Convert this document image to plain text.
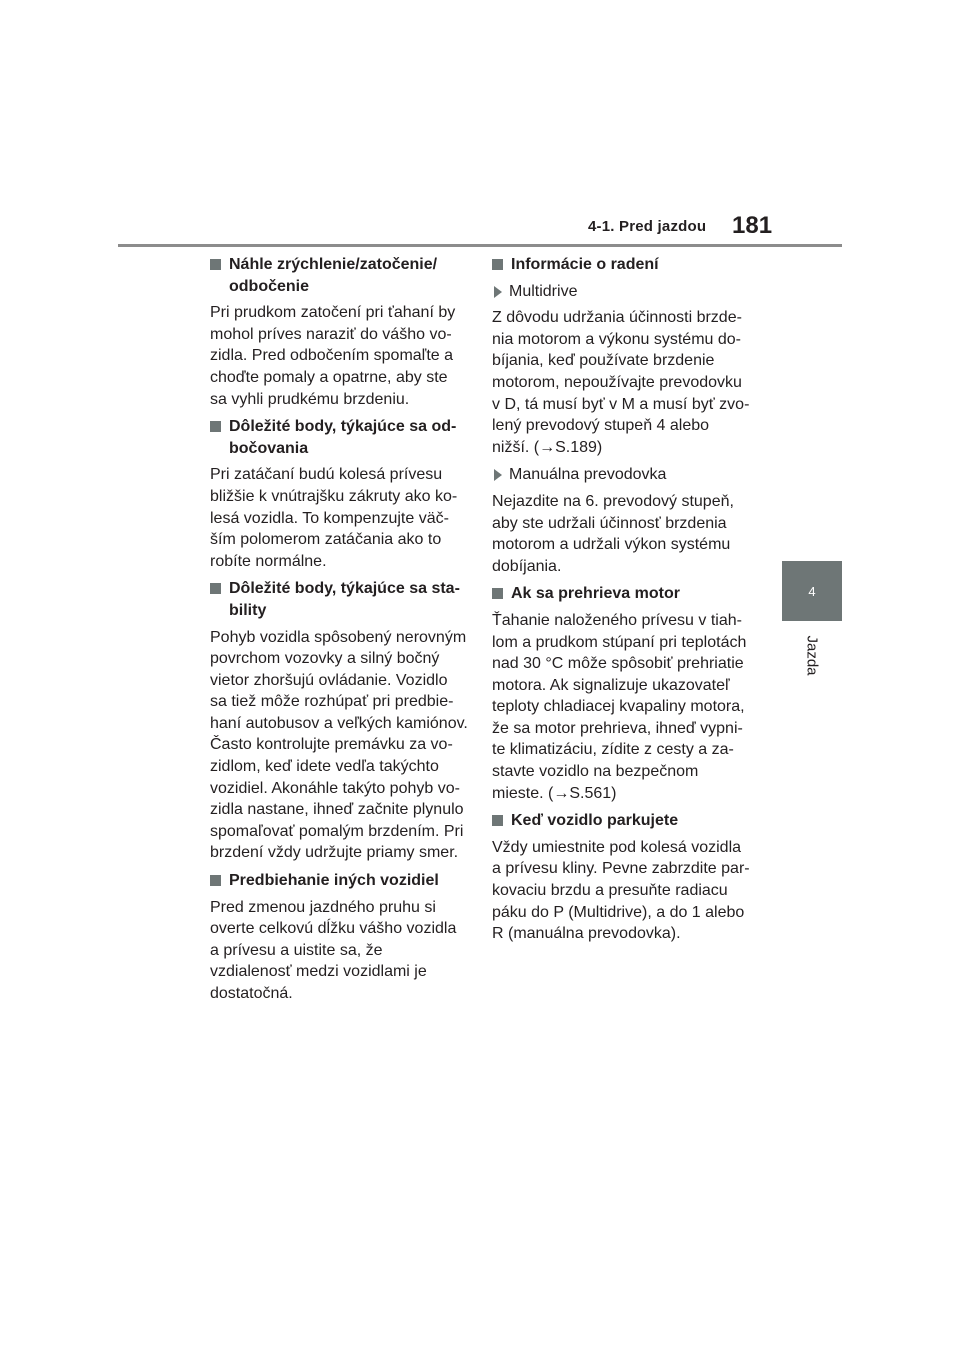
4-1. Pred jazdou 181
4
Jazda
Náhle zrýchlenie/zatočenie/ odbočenie

Pri prudkom zatočení pri ťahaní by mohol príves naraziť do vášho vo- zidla. Pred odbočením spomaľte a choďte pomaly a opatrne, aby ste sa vyhli prudkému brzdeniu.

Dôležité body, týkajúce sa od- bočovania

Pri zatáčaní budú kolesá prívesu bližšie k vnútrajšku zákruty ako ko- lesá vozidla. To kompenzujte väč- ším polomerom zatáčania ako to robíte normálne.

Dôležité body, týkajúce sa sta- bility

Pohyb vozidla spôsobený nerovným povrchom vozovky a silný bočný vietor zhoršujú ovládanie. Vozidlo sa tiež môže rozhúpať pri predbie- haní autobusov a veľkých kamiónov. Často kontrolujte premávku za vo- zidlom, keď idete vedľa takýchto vozidiel. Akonáhle takýto pohyb vo- zidla nastane, ihneď začnite plynulo spomaľovať pomalým brzdením. Pri brzdení vždy udržujte priamy smer.

Predbiehanie iných vozidiel

Pred zmenou jazdného pruhu si overte celkovú dĺžku vášho vozidla a prívesu a uistite sa, že vzdialenosť medzi vozidlami je dostatočná.

Informácie o radení
Multidrive

Z dôvodu udržania účinnosti brzde- nia motorom a výkonu systému do- bíjania, keď používate brzdenie motorom, nepoužívajte prevodovku v D, tá musí byť v M a musí byť zvo- lený prevodový stupeň 4 alebo nižší. (→S.189)

Manuálna prevodovka

Nejazdite na 6. prevodový stupeň, aby ste udržali účinnosť brzdenia motorom a udržali výkon systému dobíjania.

Ak sa prehrieva motor

Ťahanie naloženého prívesu v tiah- lom a prudkom stúpaní pri teplotách nad 30 °C môže spôsobiť prehriatie motora. Ak signalizuje ukazovateľ teploty chladiacej kvapaliny motora, že sa motor prehrieva, ihneď vypni- te klimatizáciu, zídite z cesty a za- stavte vozidlo na bezpečnom mieste. (→S.561)

Keď vozidlo parkujete

Vždy umiestnite pod kolesá vozidla a prívesu kliny. Pevne zabrzdite par- kovaciu brzdu a presuňte radiacu páku do P (Multidrive), a do 1 alebo R (manuálna prevodovka).
